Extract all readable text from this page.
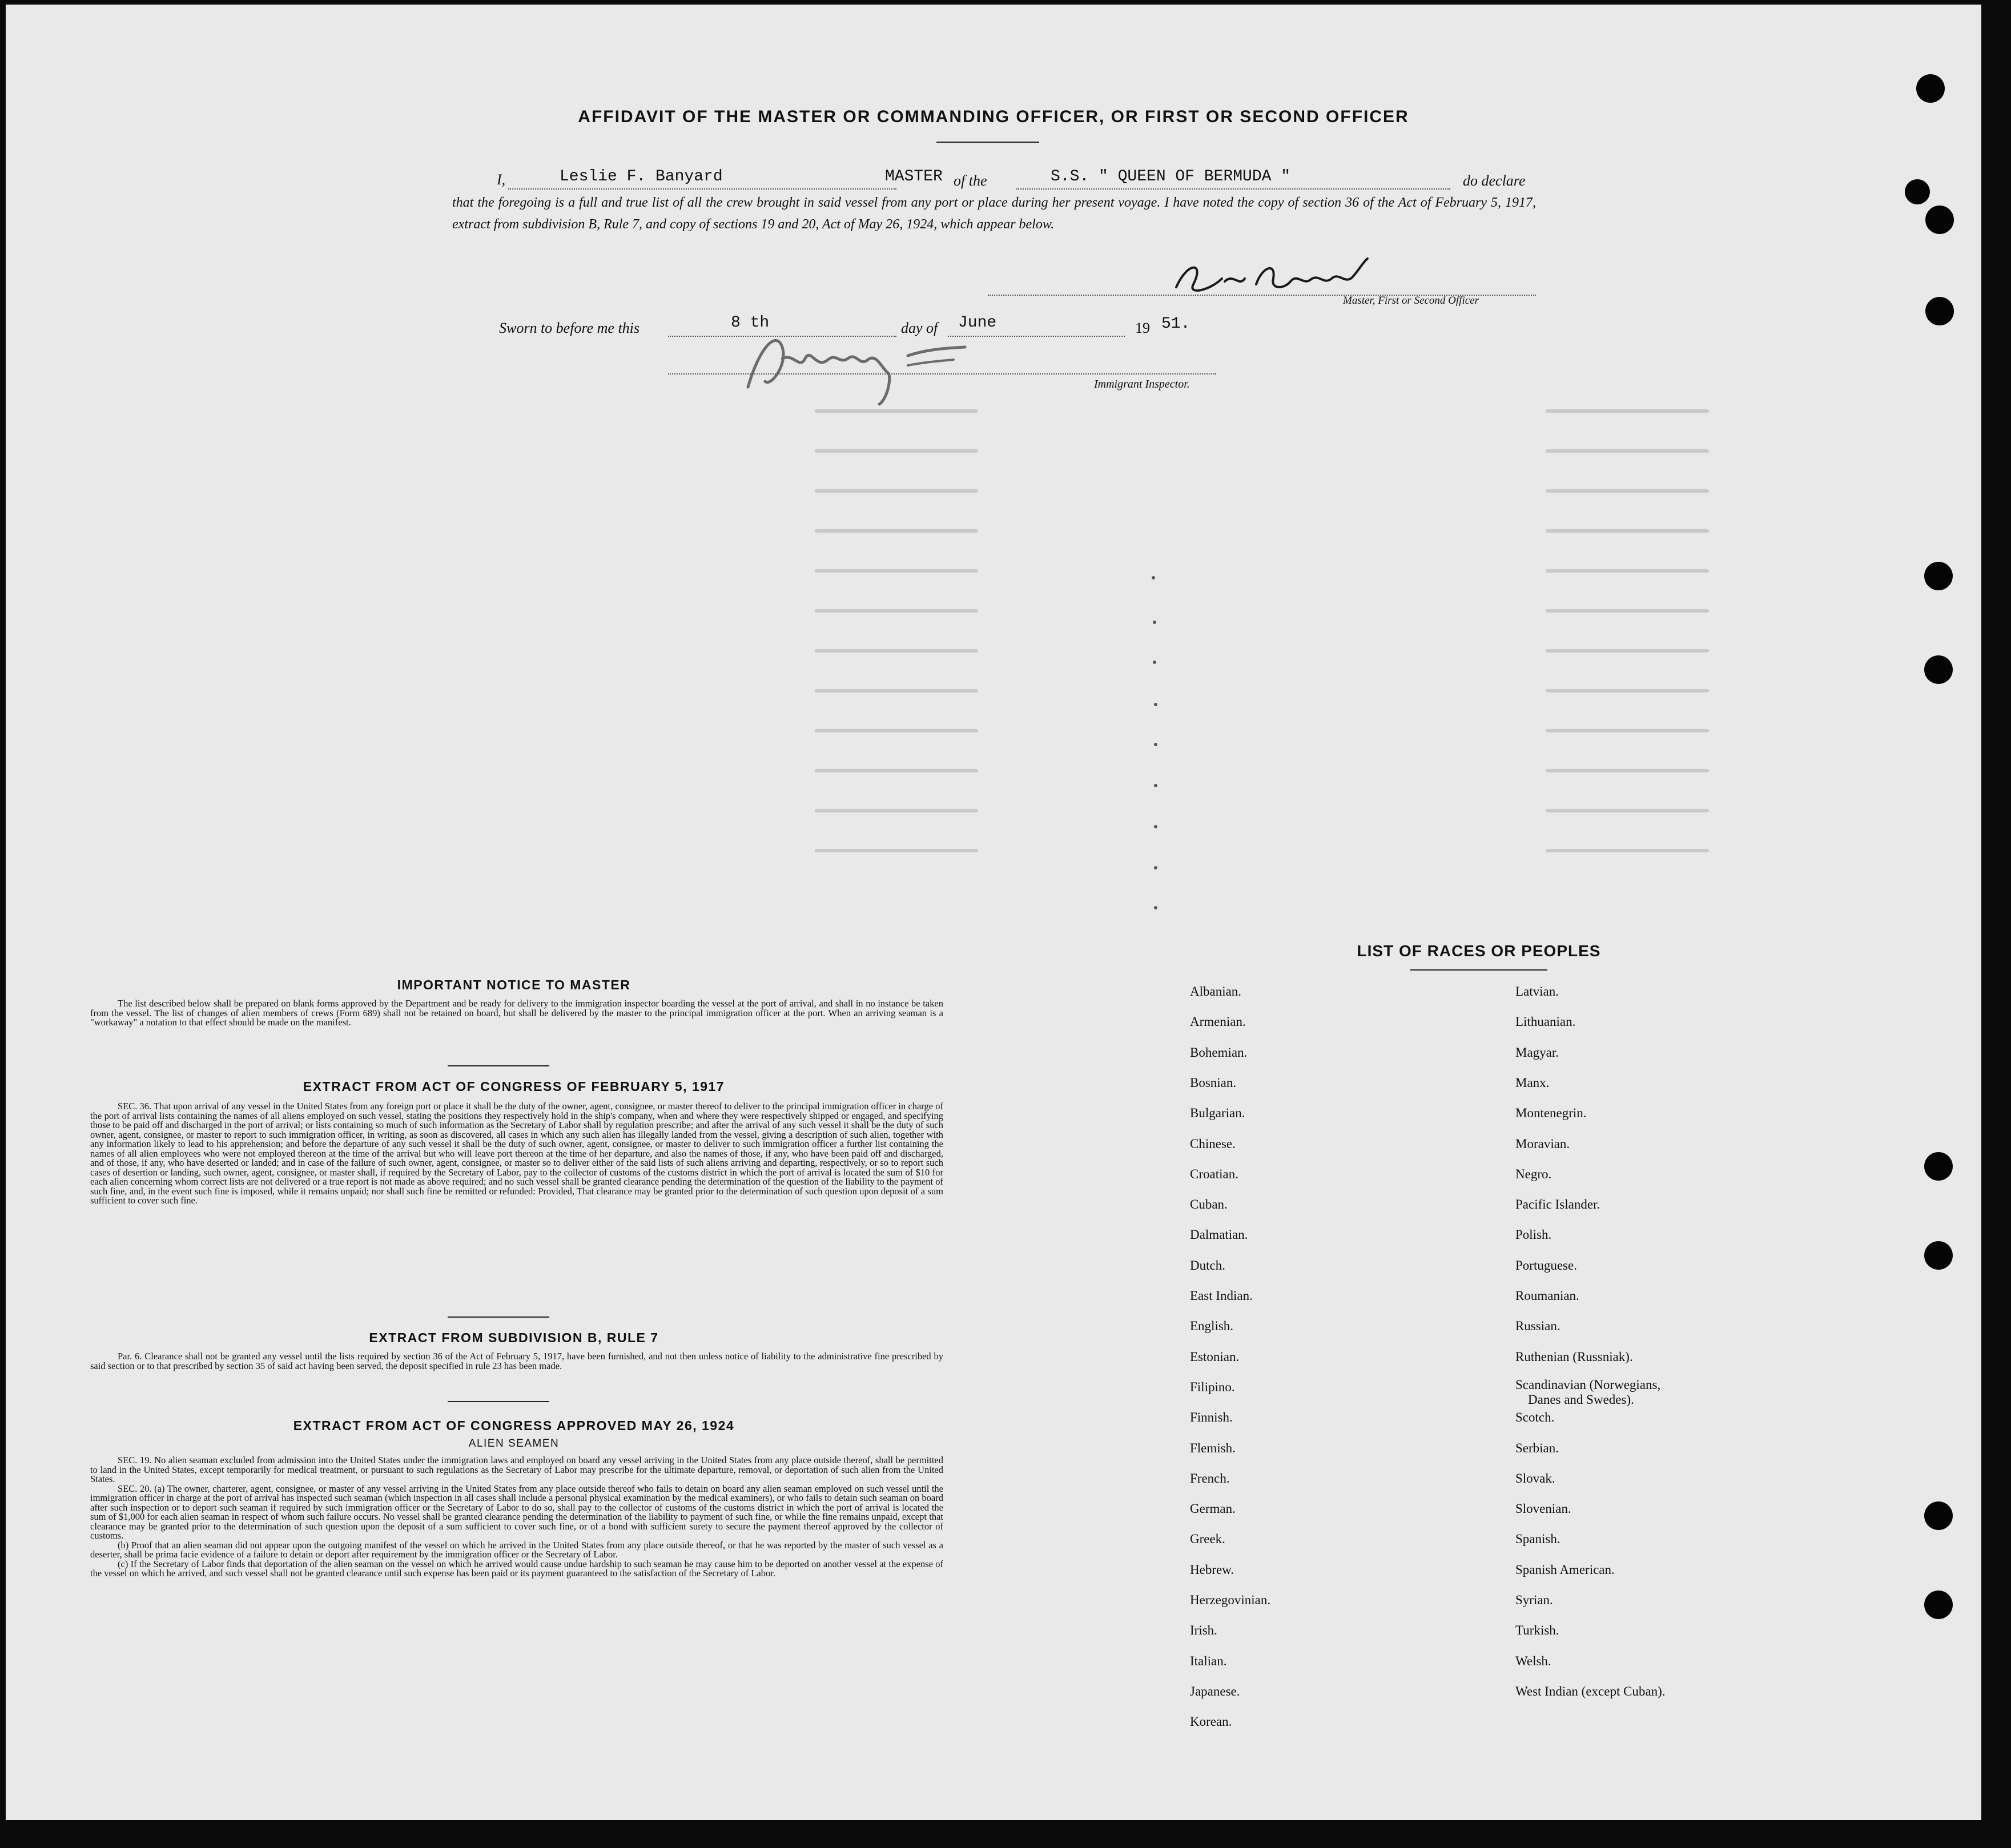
AFFIDAVIT OF THE MASTER OR COMMANDING OFFICER, OR FIRST OR SECOND OFFICER
I,	Leslie F. Banyard	MASTER of the	S.S. " QUEEN OF BERMUDA "	do declare
that the foregoing is a full and true list of all the crew brought in said vessel from any port or place during her present voyage. I have noted the copy of section 36 of the Act of February 5, 1917, extract from subdivision B, Rule 7, and copy of sections 19 and 20, Act of May 26, 1924, which appear below.
Master, First or Second Officer
Sworn to before me this	8 th	day of June	19 51.
Immigrant Inspector.
IMPORTANT NOTICE TO MASTER

The list described below shall be prepared on blank forms approved by the Department and be ready for delivery to the immigration inspector boarding the vessel at the port of arrival, and shall in no instance be taken from the vessel. The list of changes of alien members of crews (Form 689) shall not be retained on board, but shall be delivered by the master to the principal immigration officer at the port. When an arriving seaman is a "workaway" a notation to that effect should be made on the manifest.

EXTRACT FROM ACT OF CONGRESS OF FEBRUARY 5, 1917

SEC. 36. That upon arrival of any vessel in the United States from any foreign port or place it shall be the duty of the owner, agent, consignee, or master thereof to deliver to the principal immigration officer in charge of the port of arrival lists containing the names of all aliens employed on such vessel, stating the positions they respectively hold in the ship's company, when and where they were respectively shipped or engaged, and specifying those to be paid off and discharged in the port of arrival; or lists containing so much of such information as the Secretary of Labor shall by regulation prescribe; and after the arrival of any such vessel it shall be the duty of such owner, agent, consignee, or master to report to such immigration officer, in writing, as soon as discovered, all cases in which any such alien has illegally landed from the vessel, giving a description of such alien, together with any information likely to lead to his apprehension; and before the departure of any such vessel it shall be the duty of such owner, agent, consignee, or master to deliver to such immigration officer a further list containing the names of all alien employees who were not employed thereon at the time of the arrival but who will leave port thereon at the time of her departure, and also the names of those, if any, who have been paid off and discharged, and of those, if any, who have deserted or landed; and in case of the failure of such owner, agent, consignee, or master so to deliver either of the said lists of such aliens arriving and departing, respectively, or so to report such cases of desertion or landing, such owner, agent, consignee, or master shall, if required by the Secretary of Labor, pay to the collector of customs of the customs district in which the port of arrival is located the sum of $10 for each alien concerning whom correct lists are not delivered or a true report is not made as above required; and no such vessel shall be granted clearance pending the determination of the question of the liability to the payment of such fine, and, in the event such fine is imposed, while it remains unpaid; nor shall such fine be remitted or refunded: Provided, That clearance may be granted prior to the determination of such question upon deposit of a sum sufficient to cover such fine.

EXTRACT FROM SUBDIVISION B, RULE 7

Par. 6. Clearance shall not be granted any vessel until the lists required by section 36 of the Act of February 5, 1917, have been furnished, and not then unless notice of liability to the administrative fine prescribed by said section or to that prescribed by section 35 of said act having been served, the deposit specified in rule 23 has been made.

EXTRACT FROM ACT OF CONGRESS APPROVED MAY 26, 1924
ALIEN SEAMEN

SEC. 19. No alien seaman excluded from admission into the United States under the immigration laws and employed on board any vessel arriving in the United States from any place outside thereof, shall be permitted to land in the United States, except temporarily for medical treatment, or pursuant to such regulations as the Secretary of Labor may prescribe for the ultimate departure, removal, or deportation of such alien from the United States.

SEC. 20. (a) The owner, charterer, agent, consignee, or master of any vessel arriving in the United States from any place outside thereof who fails to detain on board any alien seaman employed on such vessel until the immigration officer in charge at the port of arrival has inspected such seaman (which inspection in all cases shall include a personal physical examination by the medical examiners), or who fails to detain such seaman on board after such inspection or to deport such seaman if required by such immigration officer or the Secretary of Labor to do so, shall pay to the collector of customs of the customs district in which the port of arrival is located the sum of $1,000 for each alien seaman in respect of whom such failure occurs. No vessel shall be granted clearance pending the determination of the liability to payment of such fine, or while the fine remains unpaid, except that clearance may be granted prior to the determination of such question upon the deposit of a sum sufficient to cover such fine, or of a bond with sufficient surety to secure the payment thereof approved by the collector of customs.

(b) Proof that an alien seaman did not appear upon the outgoing manifest of the vessel on which he arrived in the United States from any place outside thereof, or that he was reported by the master of such vessel as a deserter, shall be prima facie evidence of a failure to detain or deport after requirement by the immigration officer or the Secretary of Labor.

(c) If the Secretary of Labor finds that deportation of the alien seaman on the vessel on which he arrived would cause undue hardship to such seaman he may cause him to be deported on another vessel at the expense of the vessel on which he arrived, and such vessel shall not be granted clearance until such expense has been paid or its payment guaranteed to the satisfaction of the Secretary of Labor.

LIST OF RACES OR PEOPLES
Albanian.
Armenian.
Bohemian.
Bosnian.
Bulgarian.
Chinese.
Croatian.
Cuban.
Dalmatian.
Dutch.
East Indian.
English.
Estonian.
Filipino.
Finnish.
Flemish.
French.
German.
Greek.
Hebrew.
Herzegovinian.
Irish.
Italian.
Japanese.
Korean.
Latvian.
Lithuanian.
Magyar.
Manx.
Montenegrin.
Moravian.
Negro.
Pacific Islander.
Polish.
Portuguese.
Roumanian.
Russian.
Ruthenian (Russniak).
Scandinavian (Norwegians,
Danes and Swedes).
Scotch.
Serbian.
Slovak.
Slovenian.
Spanish.
Spanish American.
Syrian.
Turkish.
Welsh.
West Indian (except Cuban).
